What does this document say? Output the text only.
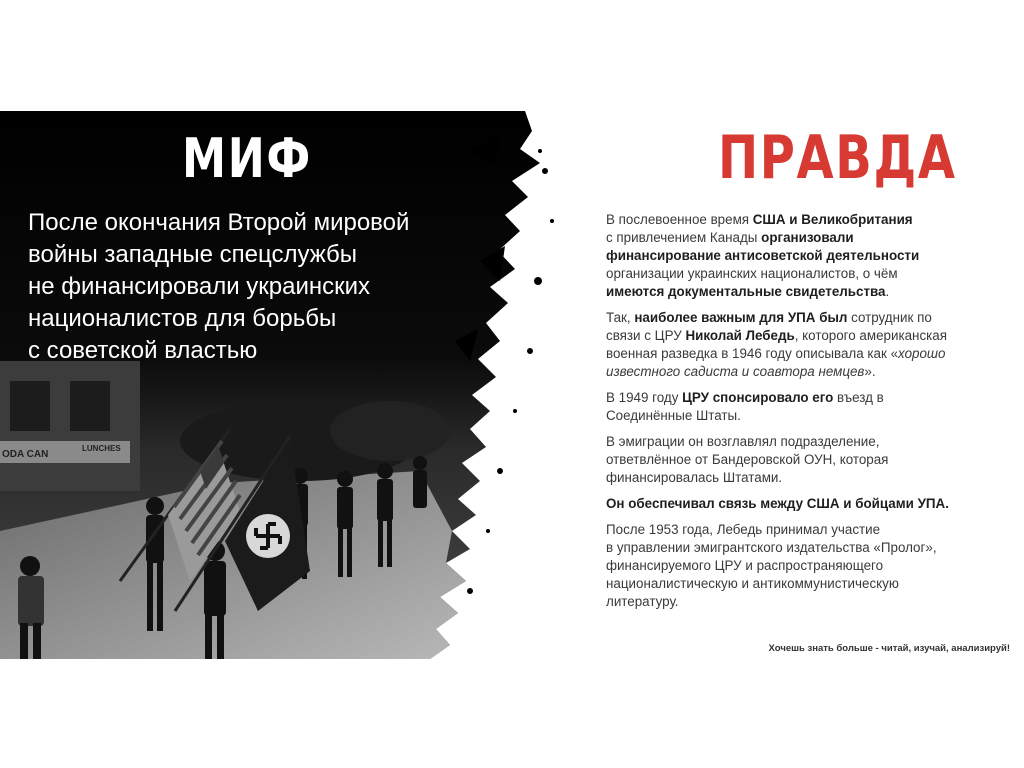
ODA CAN
LUNCHES
МИФ
После окончания Второй мировой
войны западные спецслужбы
не финансировали украинских
националистов для борьбы
с советской властью
ПРАВДА

В послевоенное время США и Великобритания
с привлечением Канады организовали
финансирование антисоветской деятельности
организации украинских националистов, о чём
имеются документальные свидетельства.

Так, наиболее важным для УПА был сотрудник по
связи с ЦРУ Николай Лебедь, которого американская
военная разведка в 1946 году описывала как «хорошо
известного садиста и соавтора немцев».

В 1949 году ЦРУ спонсировало его въезд в
Соединённые Штаты.

В эмиграции он возглавлял подразделение,
ответвлённое от Бандеровской ОУН, которая
финансировалась Штатами.

Он обеспечивал связь между США и бойцами УПА.

После 1953 года, Лебедь принимал участие
в управлении эмигрантского издательства «Пролог»,
финансируемого ЦРУ и распространяющего
националистическую и антикоммунистическую
литературу.

Хочешь знать больше - читай, изучай, анализируй!
